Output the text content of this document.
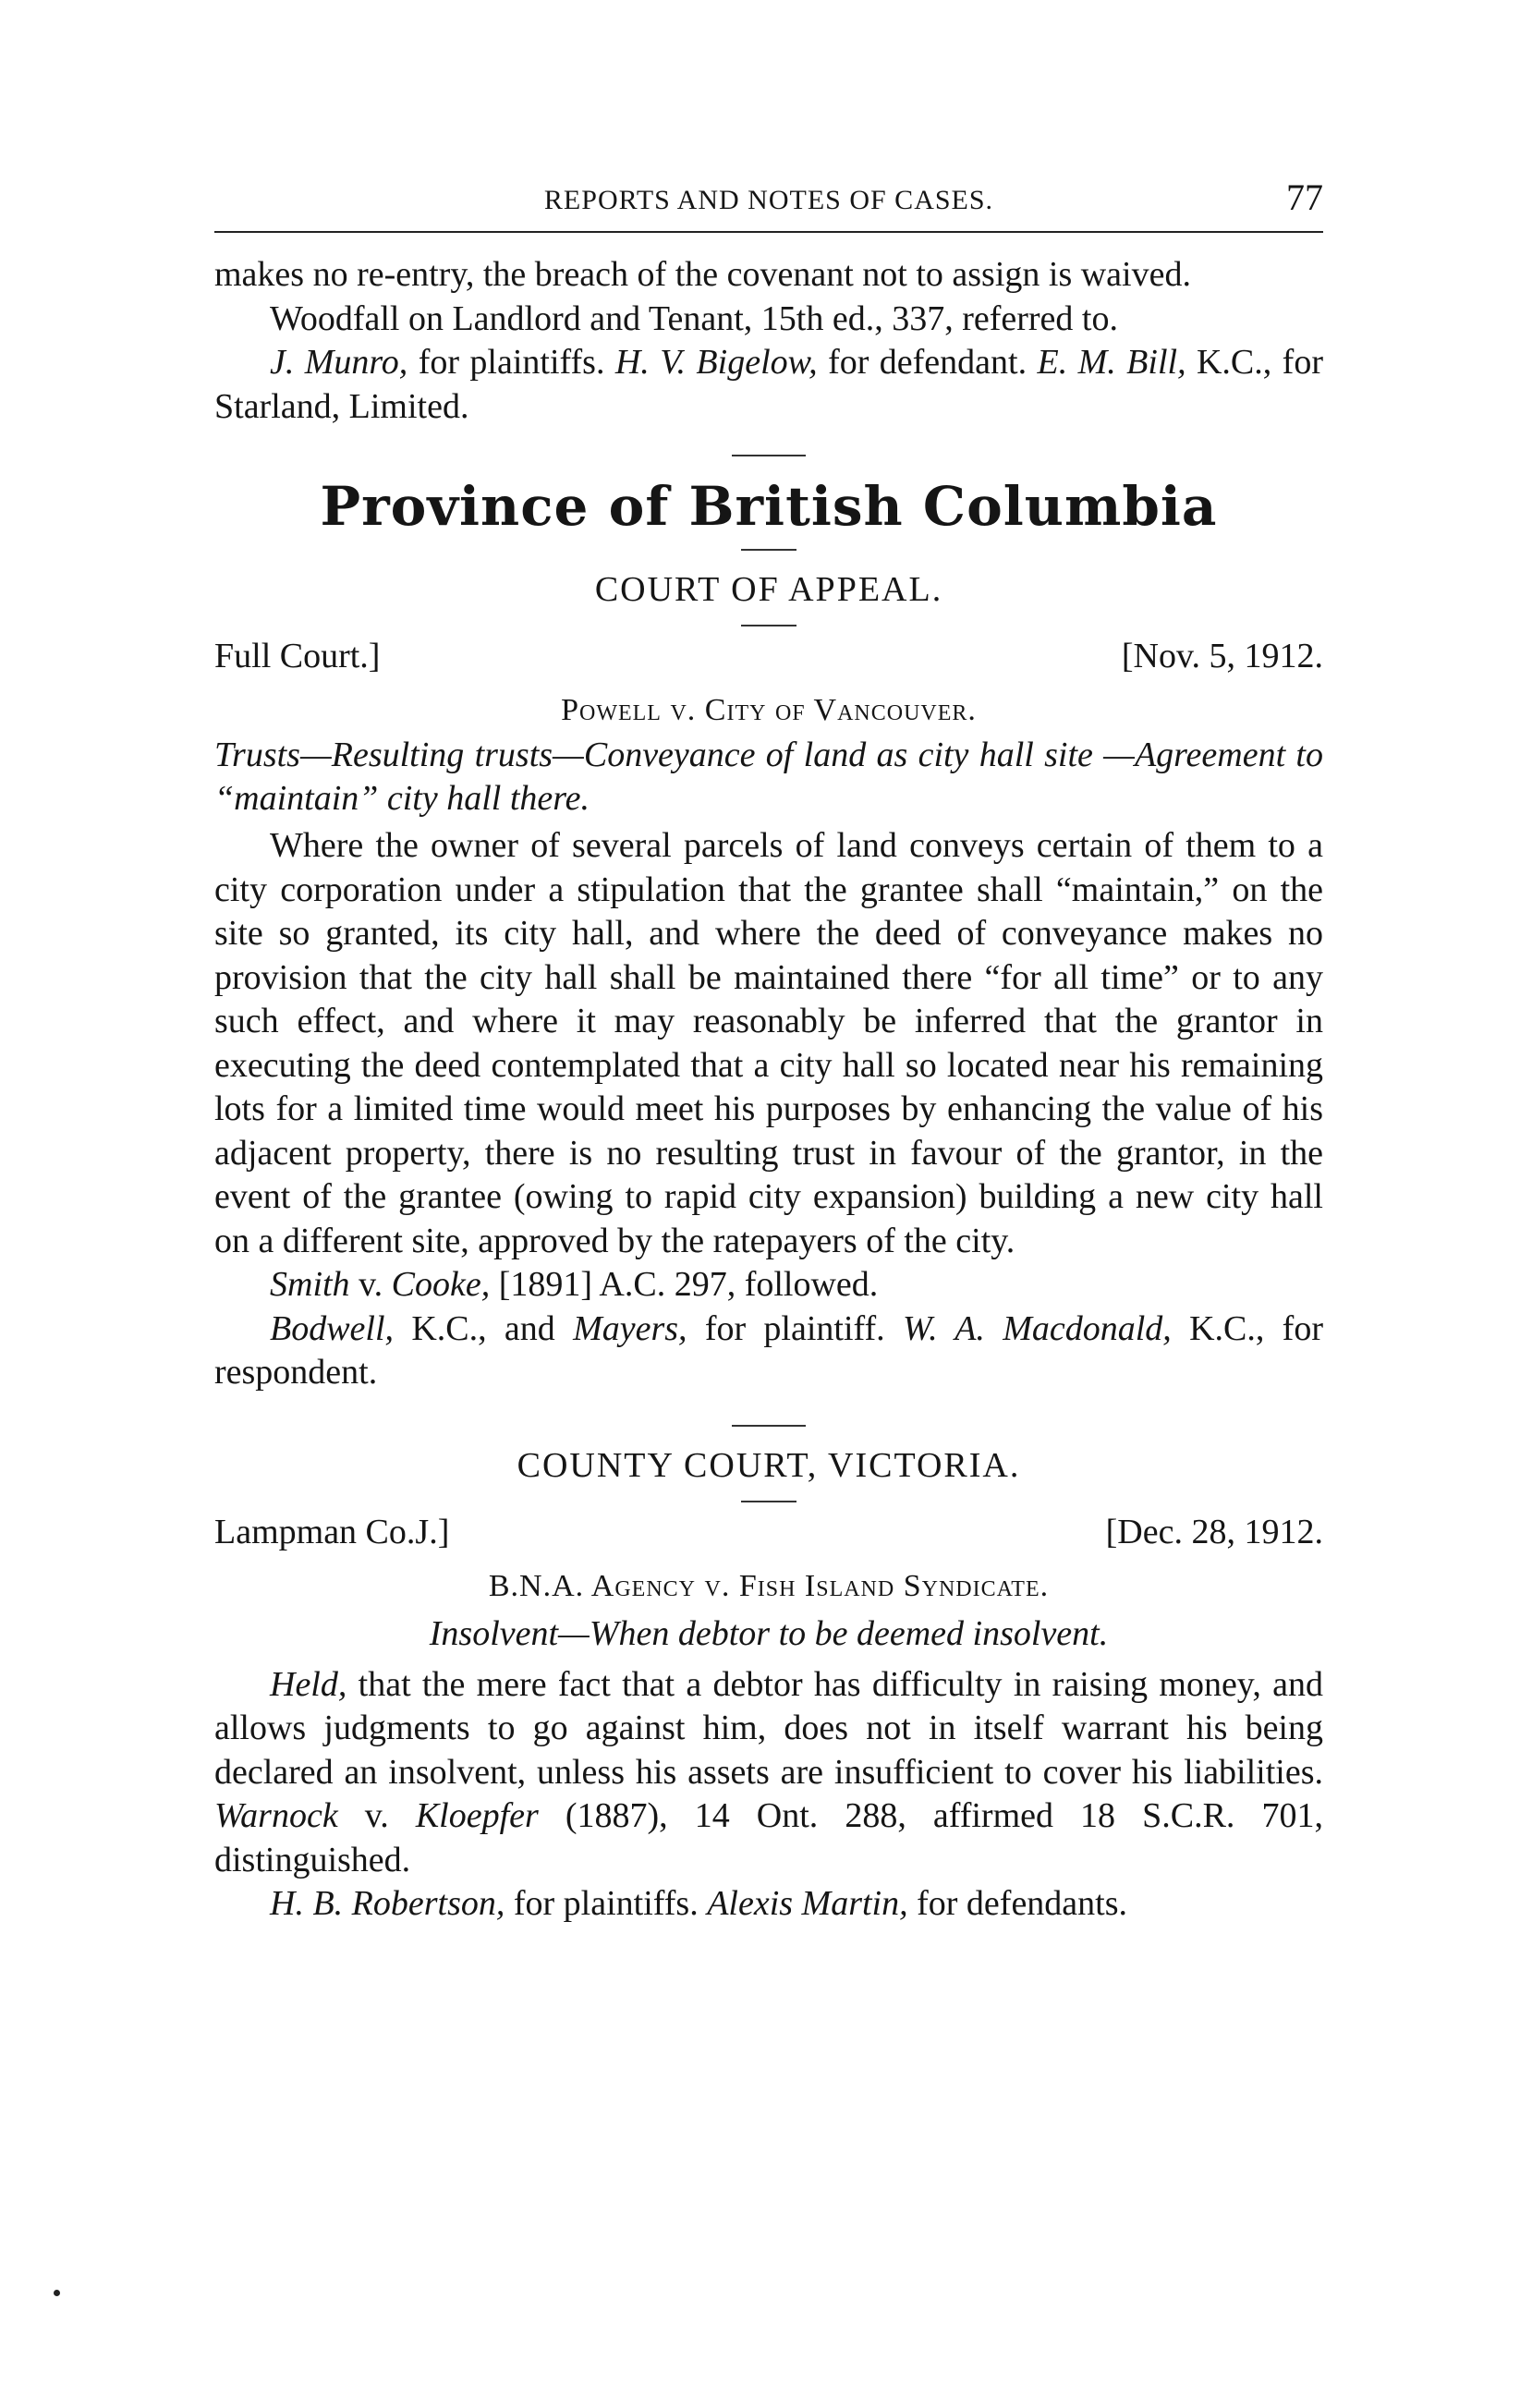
REPORTS AND NOTES OF CASES.	77

makes no re-entry, the breach of the covenant not to assign is waived.

Woodfall on Landlord and Tenant, 15th ed., 337, referred to.

J. Munro, for plaintiffs. H. V. Bigelow, for defendant. E. M. Bill, K.C., for Starland, Limited.

Province of British Columbia
COURT OF APPEAL.
Full Court.]	[Nov. 5, 1912.
Powell v. City of Vancouver.

Trusts—Resulting trusts—Conveyance of land as city hall site —Agreement to “maintain” city hall there.

Where the owner of several parcels of land conveys certain of them to a city corporation under a stipulation that the grantee shall “maintain,” on the site so granted, its city hall, and where the deed of conveyance makes no provision that the city hall shall be maintained there “for all time” or to any such effect, and where it may reasonably be inferred that the grantor in executing the deed contemplated that a city hall so located near his remaining lots for a limited time would meet his purposes by enhancing the value of his adjacent property, there is no resulting trust in favour of the grantor, in the event of the grantee (owing to rapid city expansion) building a new city hall on a different site, approved by the ratepayers of the city.

Smith v. Cooke, [1891] A.C. 297, followed.

Bodwell, K.C., and Mayers, for plaintiff. W. A. Macdonald, K.C., for respondent.

COUNTY COURT, VICTORIA.
Lampman Co.J.]	[Dec. 28, 1912.
B.N.A. Agency v. Fish Island Syndicate.

Insolvent—When debtor to be deemed insolvent.

Held, that the mere fact that a debtor has difficulty in raising money, and allows judgments to go against him, does not in itself warrant his being declared an insolvent, unless his assets are insufficient to cover his liabilities. Warnock v. Kloepfer (1887), 14 Ont. 288, affirmed 18 S.C.R. 701, distinguished.

H. B. Robertson, for plaintiffs. Alexis Martin, for defendants.
